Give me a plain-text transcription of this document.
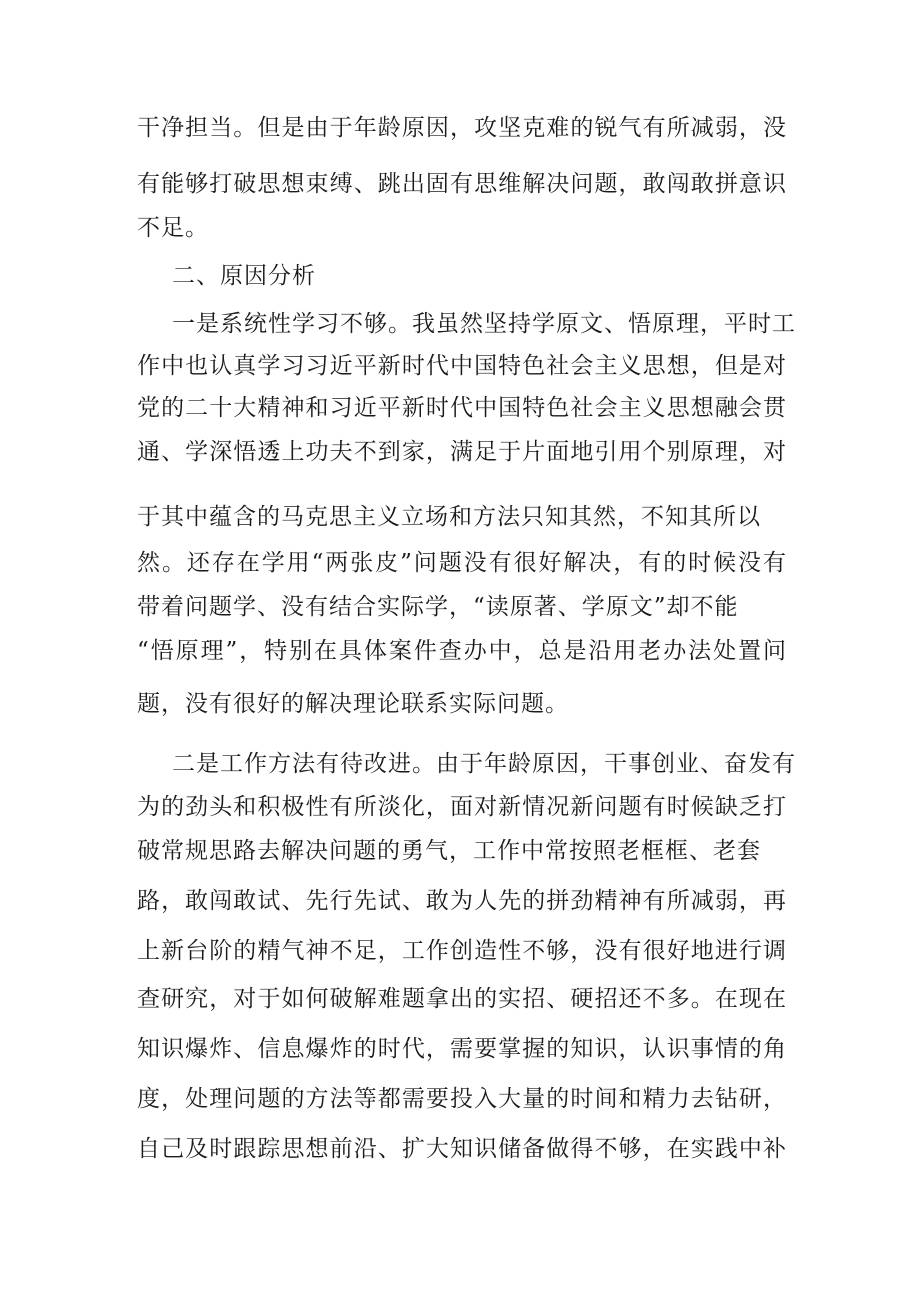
干净担当。但是由于年龄原因，攻坚克难的锐气有所减弱，没
有能够打破思想束缚、跳出固有思维解决问题，敢闯敢拼意识
不足。
二、原因分析
一是系统性学习不够。我虽然坚持学原文、悟原理，平时工
作中也认真学习习近平新时代中国特色社会主义思想，但是对
党的二十大精神和习近平新时代中国特色社会主义思想融会贯
通、学深悟透上功夫不到家，满足于片面地引用个别原理，对
于其中蕴含的马克思主义立场和方法只知其然，不知其所以
然。还存在学用“两张皮”问题没有很好解决，有的时候没有
带着问题学、没有结合实际学，“读原著、学原文”却不能
“悟原理”，特别在具体案件查办中，总是沿用老办法处置问
题，没有很好的解决理论联系实际问题。
二是工作方法有待改进。由于年龄原因，干事创业、奋发有
为的劲头和积极性有所淡化，面对新情况新问题有时候缺乏打
破常规思路去解决问题的勇气，工作中常按照老框框、老套
路，敢闯敢试、先行先试、敢为人先的拼劲精神有所减弱，再
上新台阶的精气神不足，工作创造性不够，没有很好地进行调
查研究，对于如何破解难题拿出的实招、硬招还不多。在现在
知识爆炸、信息爆炸的时代，需要掌握的知识，认识事情的角
度，处理问题的方法等都需要投入大量的时间和精力去钻研，
自己及时跟踪思想前沿、扩大知识储备做得不够，在实践中补
